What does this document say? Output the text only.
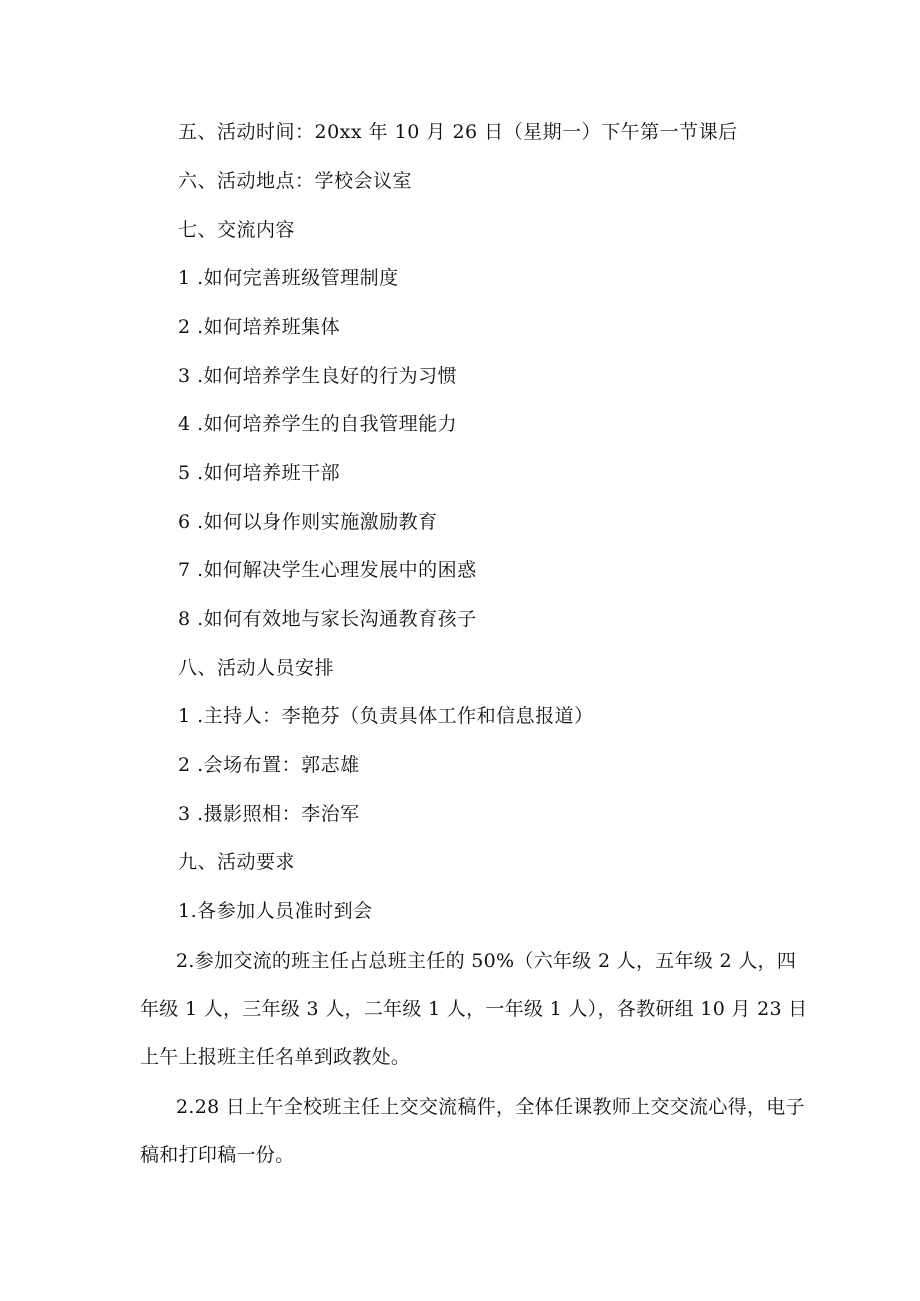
五、活动时间：20xx 年 10 月 26 日（星期一）下午第一节课后
六、活动地点：学校会议室
七、交流内容
1 .如何完善班级管理制度
2 .如何培养班集体
3 .如何培养学生良好的行为习惯
4 .如何培养学生的自我管理能力
5 .如何培养班干部
6 .如何以身作则实施激励教育
7 .如何解决学生心理发展中的困惑
8 .如何有效地与家长沟通教育孩子
八、活动人员安排
1 .主持人：李艳芬（负责具体工作和信息报道）
2 .会场布置：郭志雄
3 .摄影照相：李治军
九、活动要求
1.各参加人员准时到会
2.参加交流的班主任占总班主任的 50%（六年级 2 人，五年级 2 人，四年级 1 人，三年级 3 人，二年级 1 人，一年级 1 人），各教研组 10 月 23 日上午上报班主任名单到政教处。
2.28 日上午全校班主任上交交流稿件，全体任课教师上交交流心得，电子稿和打印稿一份。
